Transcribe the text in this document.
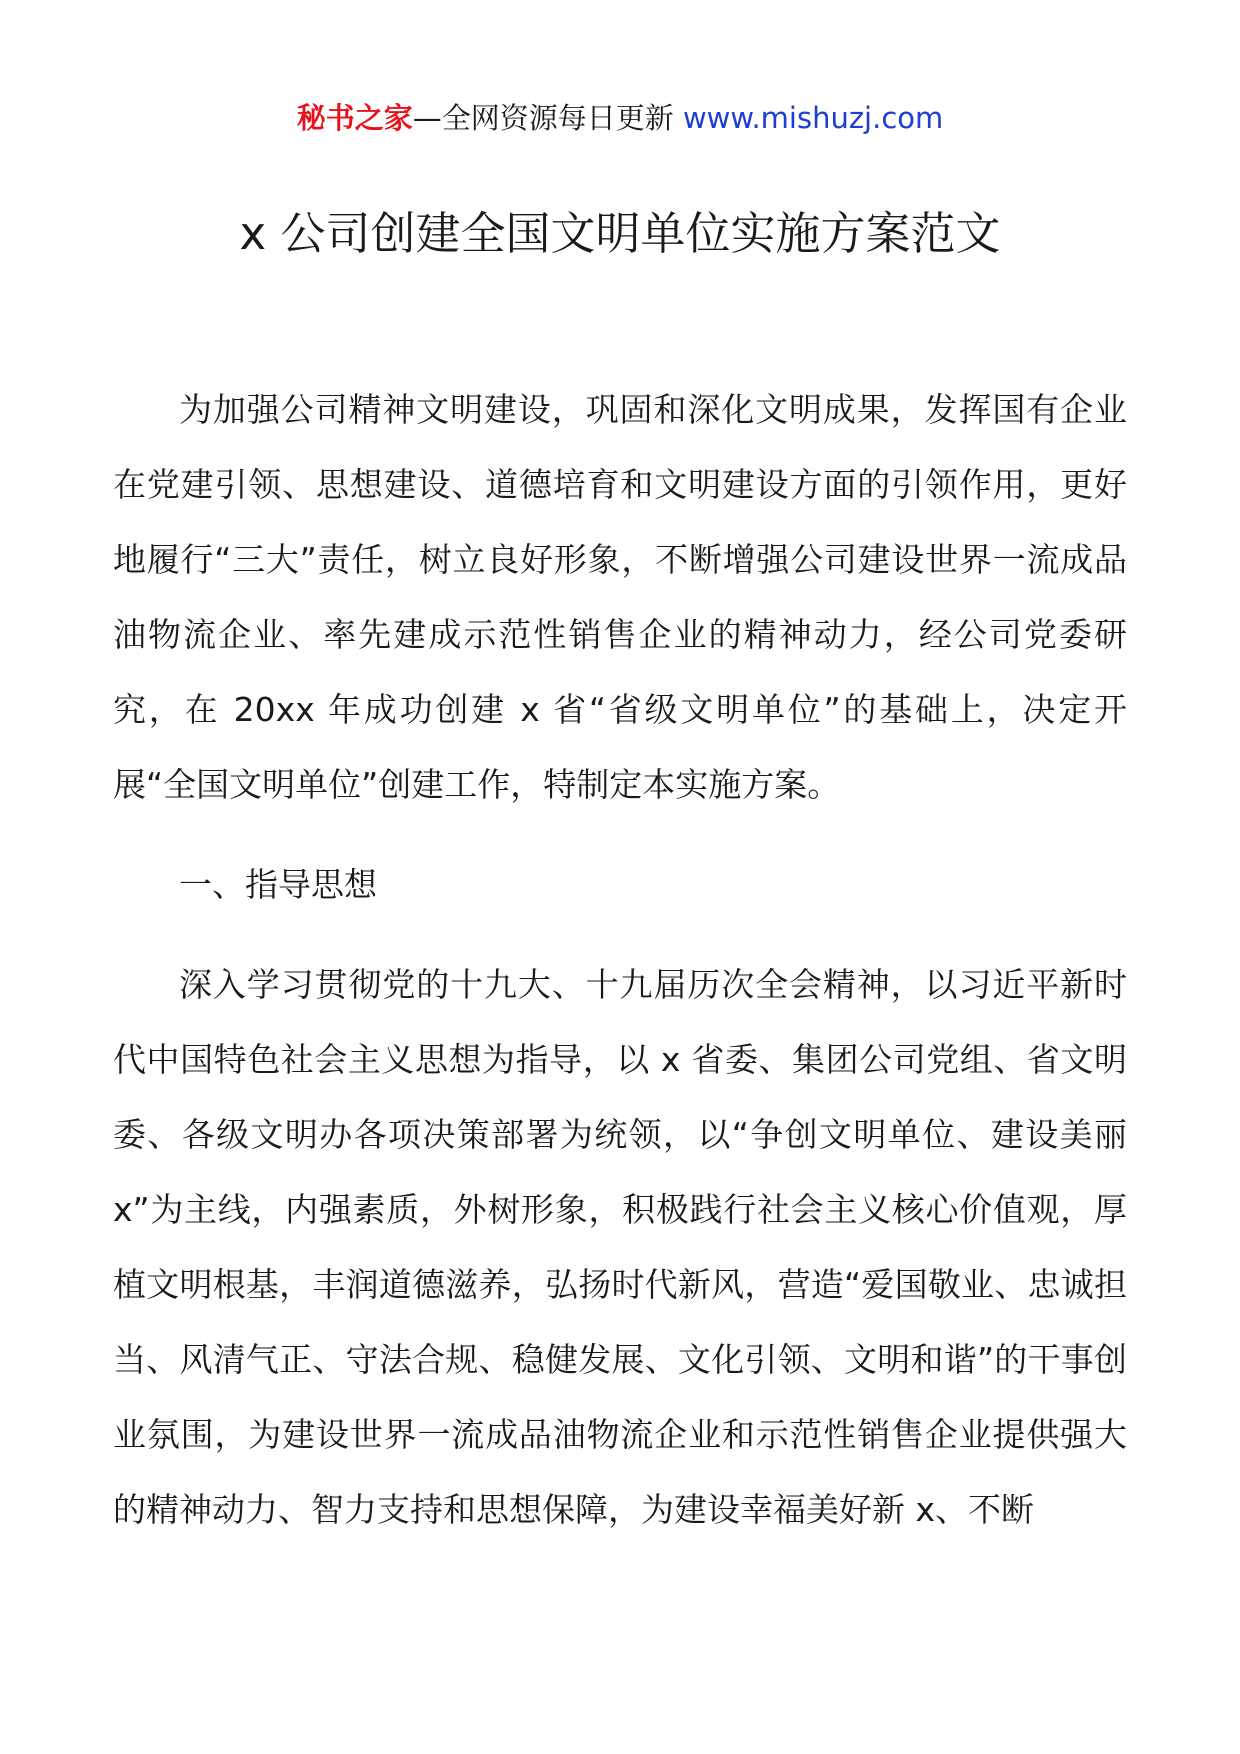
秘书之家—全网资源每日更新 www.mishuzj.com
x 公司创建全国文明单位实施方案范文

为加强公司精神文明建设，巩固和深化文明成果，发挥国有企业在党建引领、思想建设、道德培育和文明建设方面的引领作用，更好地履行“三大”责任，树立良好形象，不断增强公司建设世界一流成品油物流企业、率先建成示范性销售企业的精神动力，经公司党委研究，在 20xx 年成功创建 x 省“省级文明单位”的基础上，决定开展“全国文明单位”创建工作，特制定本实施方案。

一、指导思想

深入学习贯彻党的十九大、十九届历次全会精神，以习近平新时代中国特色社会主义思想为指导，以 x 省委、集团公司党组、省文明委、各级文明办各项决策部署为统领，以“争创文明单位、建设美丽x”为主线，内强素质，外树形象，积极践行社会主义核心价值观，厚植文明根基，丰润道德滋养，弘扬时代新风，营造“爱国敬业、忠诚担当、风清气正、守法合规、稳健发展、文化引领、文明和谐”的干事创业氛围，为建设世界一流成品油物流企业和示范性销售企业提供强大的精神动力、智力支持和思想保障，为建设幸福美好新 x、不断
